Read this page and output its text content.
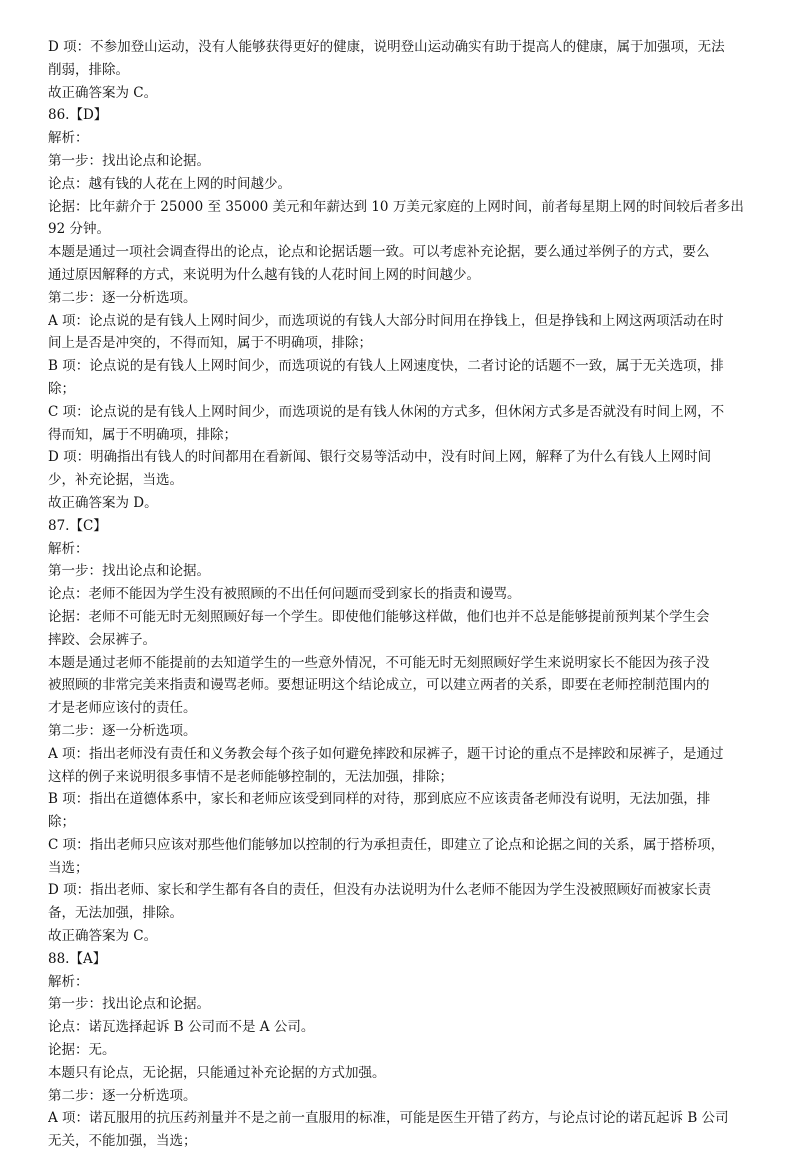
D 项：不参加登山运动，没有人能够获得更好的健康，说明登山运动确实有助于提高人的健康，属于加强项，无法
削弱，排除。
故正确答案为 C。
86.【D】
解析：
第一步：找出论点和论据。
论点：越有钱的人花在上网的时间越少。
论据：比年薪介于 25000 至 35000 美元和年薪达到 10 万美元家庭的上网时间，前者每星期上网的时间较后者多出
92 分钟。
本题是通过一项社会调查得出的论点，论点和论据话题一致。可以考虑补充论据，要么通过举例子的方式，要么
通过原因解释的方式，来说明为什么越有钱的人花时间上网的时间越少。
第二步：逐一分析选项。
A 项：论点说的是有钱人上网时间少，而选项说的有钱人大部分时间用在挣钱上，但是挣钱和上网这两项活动在时
间上是否是冲突的，不得而知，属于不明确项，排除；
B 项：论点说的是有钱人上网时间少，而选项说的有钱人上网速度快，二者讨论的话题不一致，属于无关选项，排
除；
C 项：论点说的是有钱人上网时间少，而选项说的是有钱人休闲的方式多，但休闲方式多是否就没有时间上网，不
得而知，属于不明确项，排除；
D 项：明确指出有钱人的时间都用在看新闻、银行交易等活动中，没有时间上网，解释了为什么有钱人上网时间
少，补充论据，当选。
故正确答案为 D。
87.【C】
解析：
第一步：找出论点和论据。
论点：老师不能因为学生没有被照顾的不出任何问题而受到家长的指责和谩骂。
论据：老师不可能无时无刻照顾好每一个学生。即使他们能够这样做，他们也并不总是能够提前预判某个学生会
摔跤、会尿裤子。
本题是通过老师不能提前的去知道学生的一些意外情况，不可能无时无刻照顾好学生来说明家长不能因为孩子没
被照顾的非常完美来指责和谩骂老师。要想证明这个结论成立，可以建立两者的关系，即要在老师控制范围内的
才是老师应该付的责任。
第二步：逐一分析选项。
A 项：指出老师没有责任和义务教会每个孩子如何避免摔跤和尿裤子，题干讨论的重点不是摔跤和尿裤子，是通过
这样的例子来说明很多事情不是老师能够控制的，无法加强，排除；
B 项：指出在道德体系中，家长和老师应该受到同样的对待，那到底应不应该责备老师没有说明，无法加强，排
除；
C 项：指出老师只应该对那些他们能够加以控制的行为承担责任，即建立了论点和论据之间的关系，属于搭桥项，
当选；
D 项：指出老师、家长和学生都有各自的责任，但没有办法说明为什么老师不能因为学生没被照顾好而被家长责
备，无法加强，排除。
故正确答案为 C。
88.【A】
解析：
第一步：找出论点和论据。
论点：诺瓦选择起诉 B 公司而不是 A 公司。
论据：无。
本题只有论点，无论据，只能通过补充论据的方式加强。
第二步：逐一分析选项。
A 项：诺瓦服用的抗压药剂量并不是之前一直服用的标准，可能是医生开错了药方，与论点讨论的诺瓦起诉 B 公司
无关，不能加强，当选；
